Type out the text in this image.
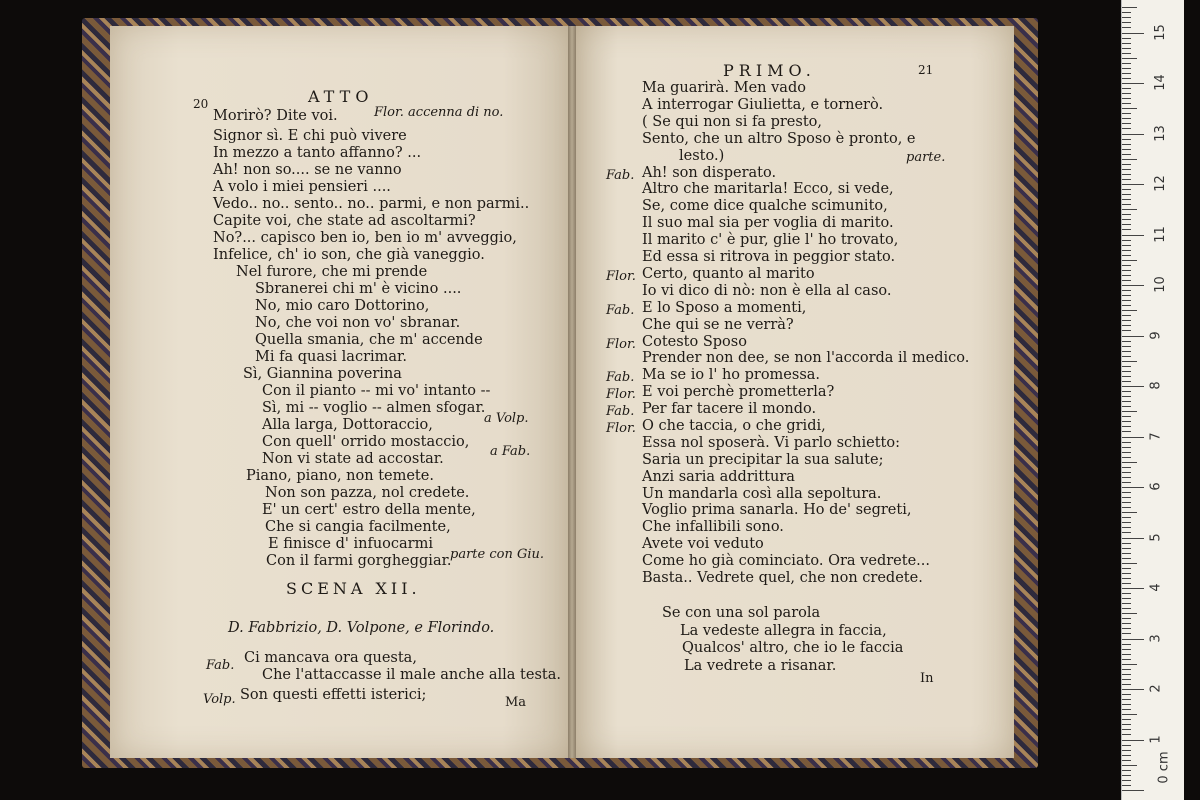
20	ATTO
Morirò? Dite voi.
Signor sì. E chi può vivere
In mezzo a tanto affanno? ...
Ah! non so.... se ne vanno
A volo i miei pensieri ....
Vedo.. no.. sento.. no.. parmi, e non parmi..
Capite voi, che state ad ascoltarmi?
No?... capisco ben io, ben io m' avveggio,
Infelice, ch' io son, che già vaneggio.
Nel furore, che mi prende
Sbranerei chi m' è vicino ....
No, mio caro Dottorino,
No, che voi non vo' sbranar.
Quella smania, che m' accende
Mi fa quasi lacrimar.
Sì, Giannina poverina
Con il pianto -- mi vo' intanto --
Sì, mi -- voglio -- almen sfogar.
Alla larga, Dottoraccio,
Con quell' orrido mostaccio,
Non vi state ad accostar.
Piano, piano, non temete.
Non son pazza, nol credete.
E' un cert' estro della mente,
Che si cangia facilmente,
E finisce d' infuocarmi
Con il farmi gorgheggiar.
Flor. accenna di no.
a Volp.
a Fab.
parte con Giu.
SCENA XII.
D. Fabbrizio, D. Volpone, e Florindo.
Fab. Ci mancava ora questa,
Che l'attaccasse il male anche alla testa.
Volp. Son questi effetti isterici;	Ma
PRIMO.	21
Ma guarirà. Men vado
A interrogar Giulietta, e tornerò.
( Se qui non si fa presto,
Sento, che un altro Sposo è pronto, e
lesto.)
Fab. Ah! son disperato.
Altro che maritarla! Ecco, si vede,
Se, come dice qualche scimunito,
Il suo mal sia per voglia di marito.
Il marito c' è pur, glie l' ho trovato,
Ed essa si ritrova in peggior stato.
Flor. Certo, quanto al marito
Io vi dico di nò: non è ella al caso.
Fab. E lo Sposo a momenti,
Che qui se ne verrà?
Flor. Cotesto Sposo
Prender non dee, se non l'accorda il medico.
Fab. Ma se io l' ho promessa.
Flor. E voi perchè prometterla?
Fab. Per far tacere il mondo.
Flor. O che taccia, o che gridi,
Essa nol sposerà. Vi parlo schietto:
Saria un precipitar la sua salute;
Anzi saria addrittura
Un mandarla così alla sepoltura.
Voglio prima sanarla. Ho de' segreti,
Che infallibili sono.
Avete voi veduto
Come ho già cominciato. Ora vedrete...
Basta.. Vedrete quel, che non credete.
parte.
Se con una sol parola
La vedeste allegra in faccia,
Qualcos' altro, che io le faccia
La vedrete a risanar.
In
0 cm
1
2
3
4
5
6
7
8
9
10
11
12
13
14
15
